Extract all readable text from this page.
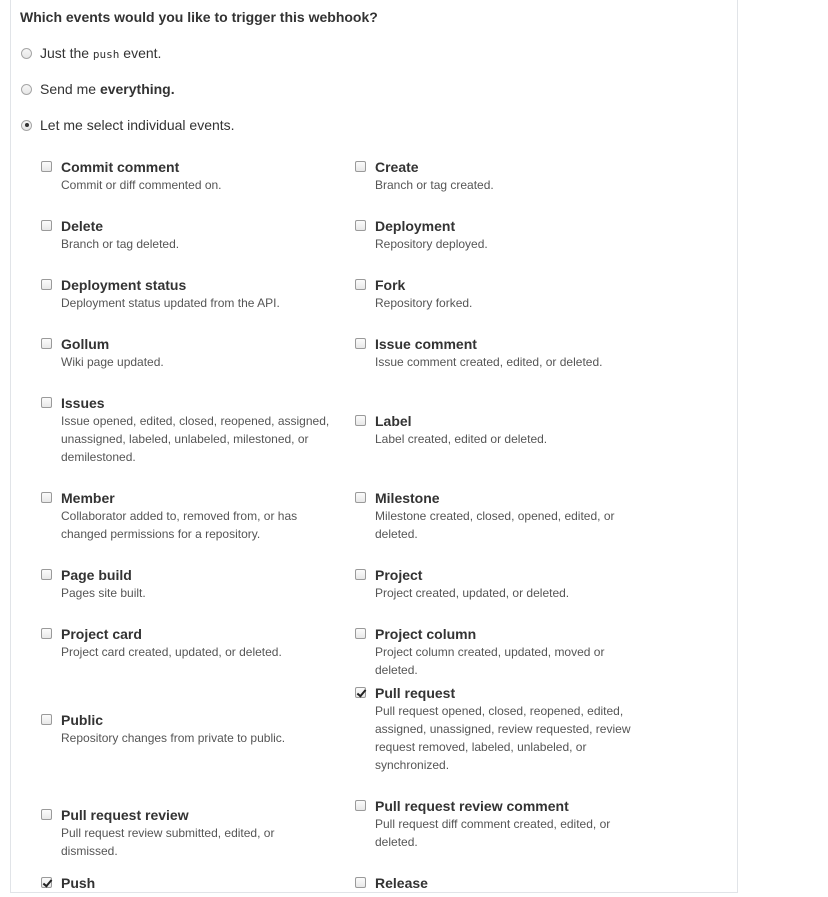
Which events would you like to trigger this webhook?
Just the push event.
Send me everything.
Let me select individual events.
Commit comment
Commit or diff commented on.
Create
Branch or tag created.
Delete
Branch or tag deleted.
Deployment
Repository deployed.
Deployment status
Deployment status updated from the API.
Fork
Repository forked.
Gollum
Wiki page updated.
Issue comment
Issue comment created, edited, or deleted.
Issues
Issue opened, edited, closed, reopened, assigned, unassigned, labeled, unlabeled, milestoned, or demilestoned.
Label
Label created, edited or deleted.
Member
Collaborator added to, removed from, or has changed permissions for a repository.
Milestone
Milestone created, closed, opened, edited, or deleted.
Page build
Pages site built.
Project
Project created, updated, or deleted.
Project card
Project card created, updated, or deleted.
Project column
Project column created, updated, moved or deleted.
Public
Repository changes from private to public.
Pull request
Pull request opened, closed, reopened, edited, assigned, unassigned, review requested, review request removed, labeled, unlabeled, or synchronized.
Pull request review
Pull request review submitted, edited, or dismissed.
Pull request review comment
Pull request diff comment created, edited, or deleted.
Push	Release
